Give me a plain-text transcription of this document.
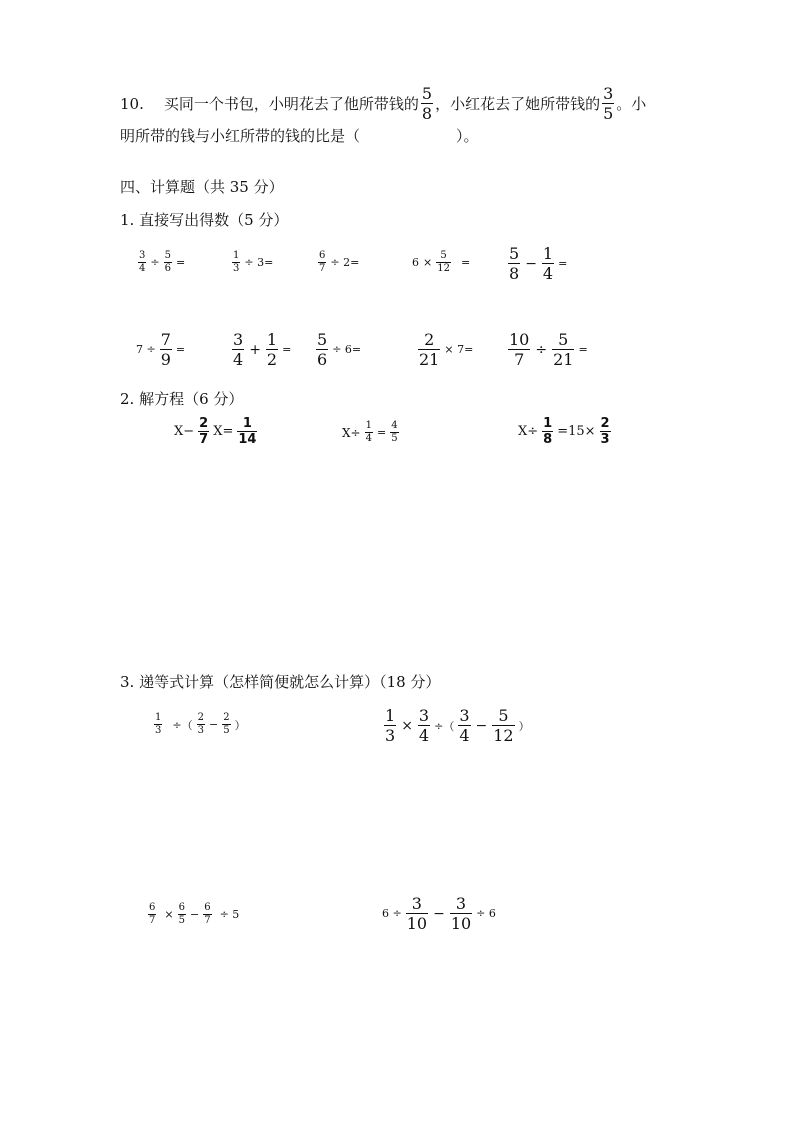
10. 买同一个书包，小明花去了他所带钱的 $\frac{5}{8}$ ，小红花去了她所带钱的 $\frac{3}{5}$ 。小
明所带的钱与小红所带的钱的比是（	）。
四、计算题（共 35 分）
1. 直接写出得数（5 分）
$\frac{3}{4} \div \frac{5}{6}$ =	$\frac{1}{3} \div 3=$	$\frac{6}{7} \div 2=$	$6 \times \frac{5}{12} = \frac{5}{8} - \frac{1}{4}$ =
$7 \div \frac{7}{9}$ =	$\frac{3}{4} + \frac{1}{2} = \frac{5}{6} \div 6=$	$\frac{2}{21} \times 7= \frac{10}{7} \div \frac{5}{21}$ =
2. 解方程（6 分）
$X- \frac{2}{7} X= \frac{1}{14}$	$X\div \frac{1}{4} = \frac{4}{5}$	$X\div \frac{1}{8} =15\times \frac{2}{3}$
3. 递等式计算（怎样简便就怎么计算）（18 分）
$\frac{1}{3}$ ÷（ $\frac{2}{3} - \frac{2}{5}$ ）	$\frac{1}{3} \times \frac{3}{4}$ ÷（ $\frac{3}{4} - \frac{5}{12}$ ）
$\frac{6}{7} \times \frac{6}{5} - \frac{6}{7} \div 5$	$6 \div \frac{3}{10} - \frac{3}{10} \div 6$
